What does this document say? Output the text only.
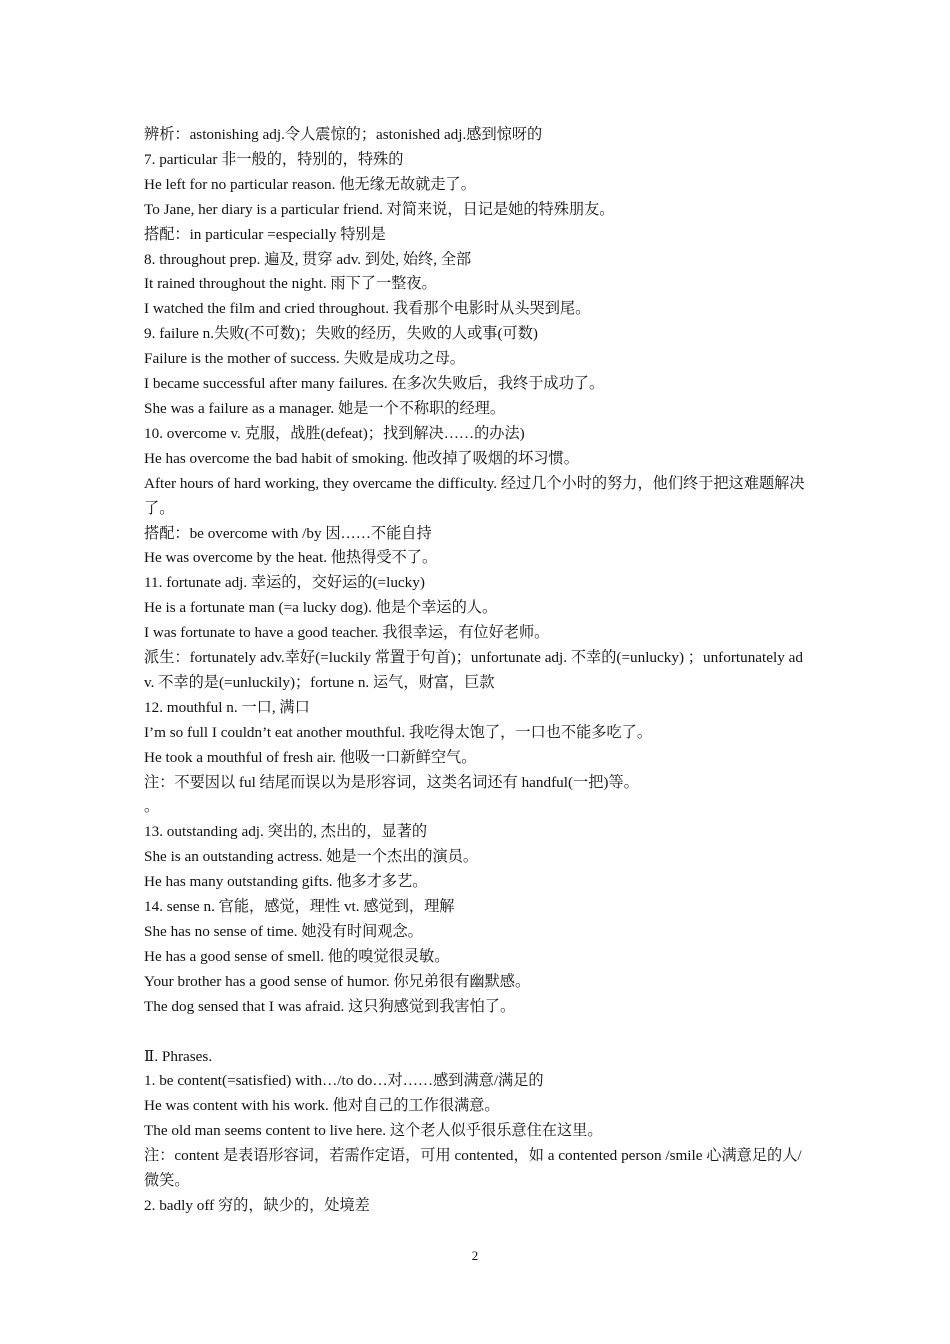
辨析：astonishing adj.令人震惊的；astonished adj.感到惊呀的
7. particular 非一般的，特别的，特殊的
He left for no particular reason. 他无缘无故就走了。
To Jane, her diary is a particular friend. 对简来说，日记是她的特殊朋友。
搭配：in particular =especially 特别是
8. throughout prep. 遍及, 贯穿 adv. 到处, 始终, 全部
It rained throughout the night. 雨下了一整夜。
I watched the film and cried throughout. 我看那个电影时从头哭到尾。
9. failure n.失败(不可数)；失败的经历，失败的人或事(可数)
Failure is the mother of success. 失败是成功之母。
I became successful after many failures. 在多次失败后，我终于成功了。
She was a failure as a manager. 她是一个不称职的经理。
10. overcome v. 克服，战胜(defeat)；找到解决……的办法)
He has overcome the bad habit of smoking. 他改掉了吸烟的坏习惯。
After hours of hard working, they overcame the difficulty. 经过几个小时的努力，他们终于把这难题解决了。
搭配：be overcome with /by 因……不能自持
He was overcome by the heat. 他热得受不了。
11. fortunate adj. 幸运的，交好运的(=lucky)
He is a fortunate man (=a lucky dog). 他是个幸运的人。
I was fortunate to have a good teacher. 我很幸运，有位好老师。
派生：fortunately adv.幸好(=luckily 常置于句首)；unfortunate adj. 不幸的(=unlucky) ；unfortunately adv. 不幸的是(=unluckily)；fortune n. 运气，财富，巨款
12. mouthful n. 一口, 满口
I’m so full I couldn’t eat another mouthful. 我吃得太饱了，一口也不能多吃了。
He took a mouthful of fresh air. 他吸一口新鲜空气。
注：不要因以 ful 结尾而误以为是形容词，这类名词还有 handful(一把)等。
。
13. outstanding adj. 突出的, 杰出的，显著的
She is an outstanding actress. 她是一个杰出的演员。
He has many outstanding gifts. 他多才多艺。
14. sense n. 官能，感觉，理性 vt. 感觉到，理解
She has no sense of time. 她没有时间观念。
He has a good sense of smell. 他的嗅觉很灵敏。
Your brother has a good sense of humor. 你兄弟很有幽默感。
The dog sensed that I was afraid. 这只狗感觉到我害怕了。
Ⅱ. Phrases.
1. be content(=satisfied) with…/to do…对……感到满意/满足的
He was content with his work. 他对自己的工作很满意。
The old man seems content to live here. 这个老人似乎很乐意住在这里。
注：content 是表语形容词，若需作定语，可用 contented，如 a contented person /smile 心满意足的人/微笑。
2. badly off 穷的，缺少的，处境差
2
